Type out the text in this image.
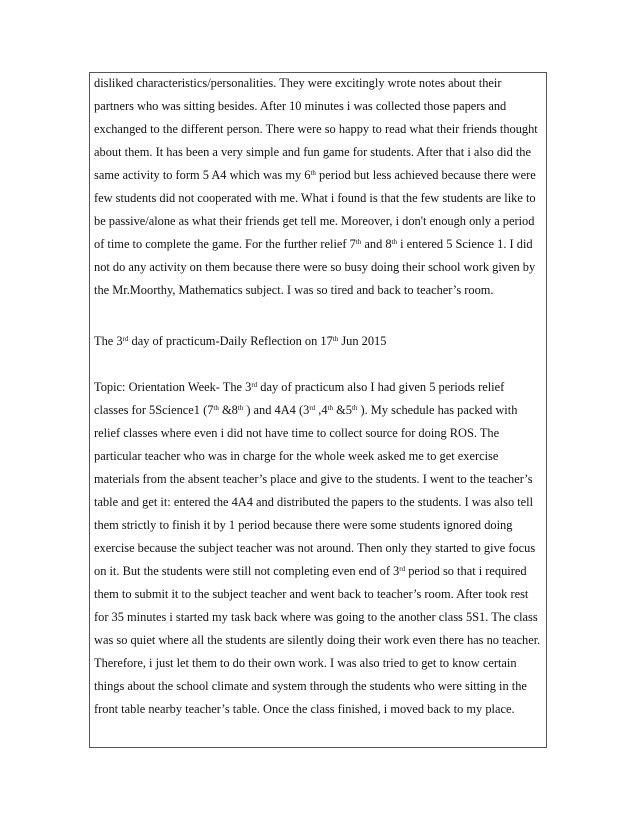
disliked characteristics/personalities. They were excitingly wrote notes about their
partners who was sitting besides. After 10 minutes i was collected those papers and
exchanged to the different person. There were so happy to read what their friends thought
about them. It has been a very simple and fun game for students. After that i also did the
same activity to form 5 A4 which was my 6th period but less achieved because there were
few students did not cooperated with me. What i found is that the few students are like to
be passive/alone as what their friends get tell me. Moreover, i don't enough only a period
of time to complete the game. For the further relief 7th and 8th i entered 5 Science 1. I did
not do any activity on them because there were so busy doing their school work given by
the Mr.Moorthy, Mathematics subject. I was so tired and back to teacher’s room.
The 3rd day of practicum-Daily Reflection on 17th Jun 2015
Topic: Orientation Week- The 3rd day of practicum also I had given 5 periods relief
classes for 5Science1 (7th &8th ) and 4A4 (3rd ,4th &5th ). My schedule has packed with
relief classes where even i did not have time to collect source for doing ROS. The
particular teacher who was in charge for the whole week asked me to get exercise
materials from the absent teacher’s place and give to the students. I went to the teacher’s
table and get it: entered the 4A4 and distributed the papers to the students. I was also tell
them strictly to finish it by 1 period because there were some students ignored doing
exercise because the subject teacher was not around. Then only they started to give focus
on it. But the students were still not completing even end of 3rd period so that i required
them to submit it to the subject teacher and went back to teacher’s room. After took rest
for 35 minutes i started my task back where was going to the another class 5S1. The class
was so quiet where all the students are silently doing their work even there has no teacher.
Therefore, i just let them to do their own work. I was also tried to get to know certain
things about the school climate and system through the students who were sitting in the
front table nearby teacher’s table. Once the class finished, i moved back to my place.
